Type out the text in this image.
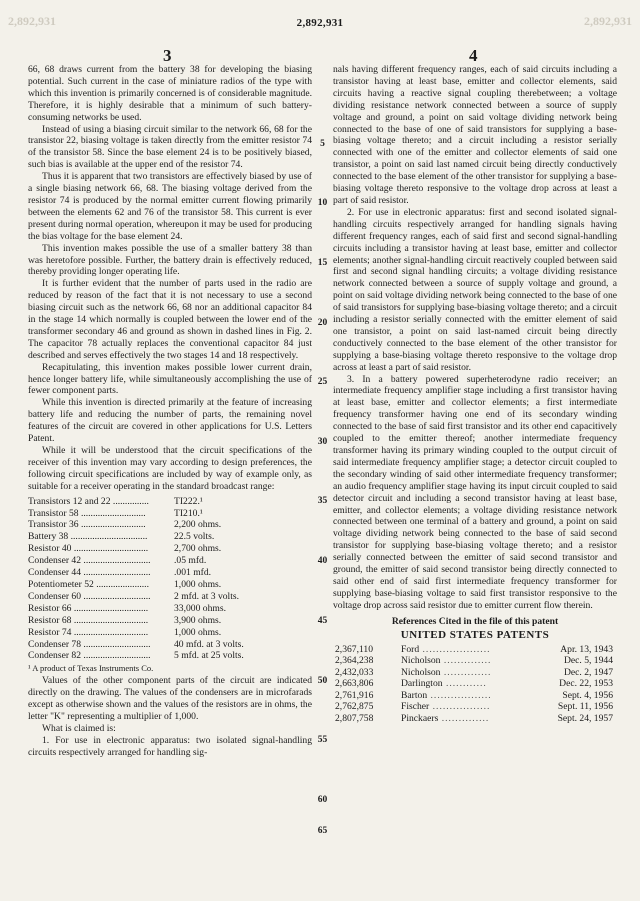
2,892,931	2,892,931
2,892,931
3	4
5
10
15
20
25
30
35
40
45
50
55
60
65

66, 68 draws current from the battery 38 for developing the biasing potential. Such current in the case of miniature radios of the type with which this invention is primarily concerned is of considerable magnitude. Therefore, it is highly desirable that a minimum of such battery-consuming networks be used.

Instead of using a biasing circuit similar to the network 66, 68 for the transistor 22, biasing voltage is taken directly from the emitter resistor 74 of the transistor 58. Since the base element 24 is to be positively biased, such bias is available at the upper end of the resistor 74.

Thus it is apparent that two transistors are effectively biased by use of a single biasing network 66, 68. The biasing voltage derived from the resistor 74 is produced by the normal emitter current flowing primarily between the elements 62 and 76 of the transistor 58. This current is ever present during normal operation, whereupon it may be used for producing the bias voltage for the base element 24.

This invention makes possible the use of a smaller battery 38 than was heretofore possible. Further, the battery drain is effectively reduced, thereby providing longer operating life.

It is further evident that the number of parts used in the radio are reduced by reason of the fact that it is not necessary to use a second biasing circuit such as the network 66, 68 nor an additional capacitor 84 in the stage 14 which normally is coupled between the lower end of the transformer secondary 46 and ground as shown in dashed lines in Fig. 2. The capacitor 78 actually replaces the conventional capacitor 84 just described and serves effectively the two stages 14 and 18 respectively.

Recapitulating, this invention makes possible lower current drain, hence longer battery life, while simultaneously accomplishing the use of fewer component parts.

While this invention is directed primarily at the feature of increasing battery life and reducing the number of parts, the remaining novel features of the circuit are covered in other applications for U.S. Letters Patent.

While it will be understood that the circuit specifications of the receiver of this invention may vary according to design preferences, the following circuit specifications are included by way of example only, as suitable for a receiver operating in the standard broadcast range:

Transistors 12 and 22 ...............	TI222.¹
Transistor 58 ...........................	TI210.¹
Transistor 36 ...........................	2,200 ohms.
Battery 38 ................................	22.5 volts.
Resistor 40 ...............................	2,700 ohms.
Condenser 42 ............................	.05 mfd.
Condenser 44 ............................	.001 mfd.
Potentiometer 52 ......................	1,000 ohms.
Condenser 60 ............................	2 mfd. at 3 volts.
Resistor 66 ...............................	33,000 ohms.
Resistor 68 ...............................	3,900 ohms.
Resistor 74 ...............................	1,000 ohms.
Condenser 78 ............................	40 mfd. at 3 volts.
Condenser 82 ............................	5 mfd. at 25 volts.

¹ A product of Texas Instruments Co.

Values of the other component parts of the circuit are indicated directly on the drawing. The values of the condensers are in microfarads except as otherwise shown and the values of the resistors are in ohms, the letter "K" representing a multiplier of 1,000.

What is claimed is:

1. For use in electronic apparatus: two isolated signal-handling circuits respectively arranged for handling sig-

nals having different frequency ranges, each of said circuits including a transistor having at least base, emitter and collector elements, said circuits having a reactive signal coupling therebetween; a voltage dividing resistance network connected between a source of supply voltage and ground, a point on said voltage dividing network being connected to the base of one of said transistors for supplying a base-biasing voltage thereto; and a circuit including a resistor serially connected with one of the emitter and collector elements of said one transistor, a point on said last named circuit being directly conductively connected to the base element of the other transistor for supplying a base-biasing voltage thereto responsive to the voltage drop across at least a part of said resistor.

2. For use in electronic apparatus: first and second isolated signal-handling circuits respectively arranged for handling signals having different frequency ranges, each of said first and second signal-handling circuits including a transistor having at least base, emitter and collector elements; another signal-handling circuit reactively coupled between said first and second signal handling circuits; a voltage dividing resistance network connected between a source of supply voltage and ground, a point on said voltage dividing network being connected to the base of one of said transistors for supplying base-biasing voltage thereto; and a circuit including a resistor serially connected with the emitter element of said one transistor, a point on said last-named circuit being directly conductively connected to the base element of the other transistor for supplying a base-biasing voltage thereto responsive to the voltage drop across at least a part of said resistor.

3. In a battery powered superheterodyne radio receiver; an intermediate frequency amplifier stage including a first transistor having at least base, emitter and collector elements; a first intermediate frequency transformer having one end of its secondary winding connected to the base of said first transistor and its other end capacitively coupled to the emitter thereof; another intermediate frequency transformer having its primary winding coupled to the output circuit of said intermediate frequency amplifier stage; a detector circuit coupled to the secondary winding of said other intermediate frequency transformer; an audio frequency amplifier stage having its input circuit coupled to said detector circuit and including a second transistor having at least base, emitter, and collector elements; a voltage dividing resistance network connected between one terminal of a battery and ground, a point on said voltage dividing network being connected to the base of said second transistor for supplying base-biasing voltage thereto; and a resistor serially connected between the emitter of said second transistor and ground, the emitter of said second transistor being directly connected to said other end of said first intermediate frequency transformer for supplying base-biasing voltage to said first transistor responsive to the voltage drop across said resistor due to emitter current flow therein.

References Cited in the file of this patent
UNITED STATES PATENTS
2,367,110	Ford ....................	Apr. 13, 1943
2,364,238	Nicholson ..............	Dec. 5, 1944
2,432,033	Nicholson ..............	Dec. 2, 1947
2,663,806	Darlington ............	Dec. 22, 1953
2,761,916	Barton ..................	Sept. 4, 1956
2,762,875	Fischer .................	Sept. 11, 1956
2,807,758	Pinckaers ..............	Sept. 24, 1957
